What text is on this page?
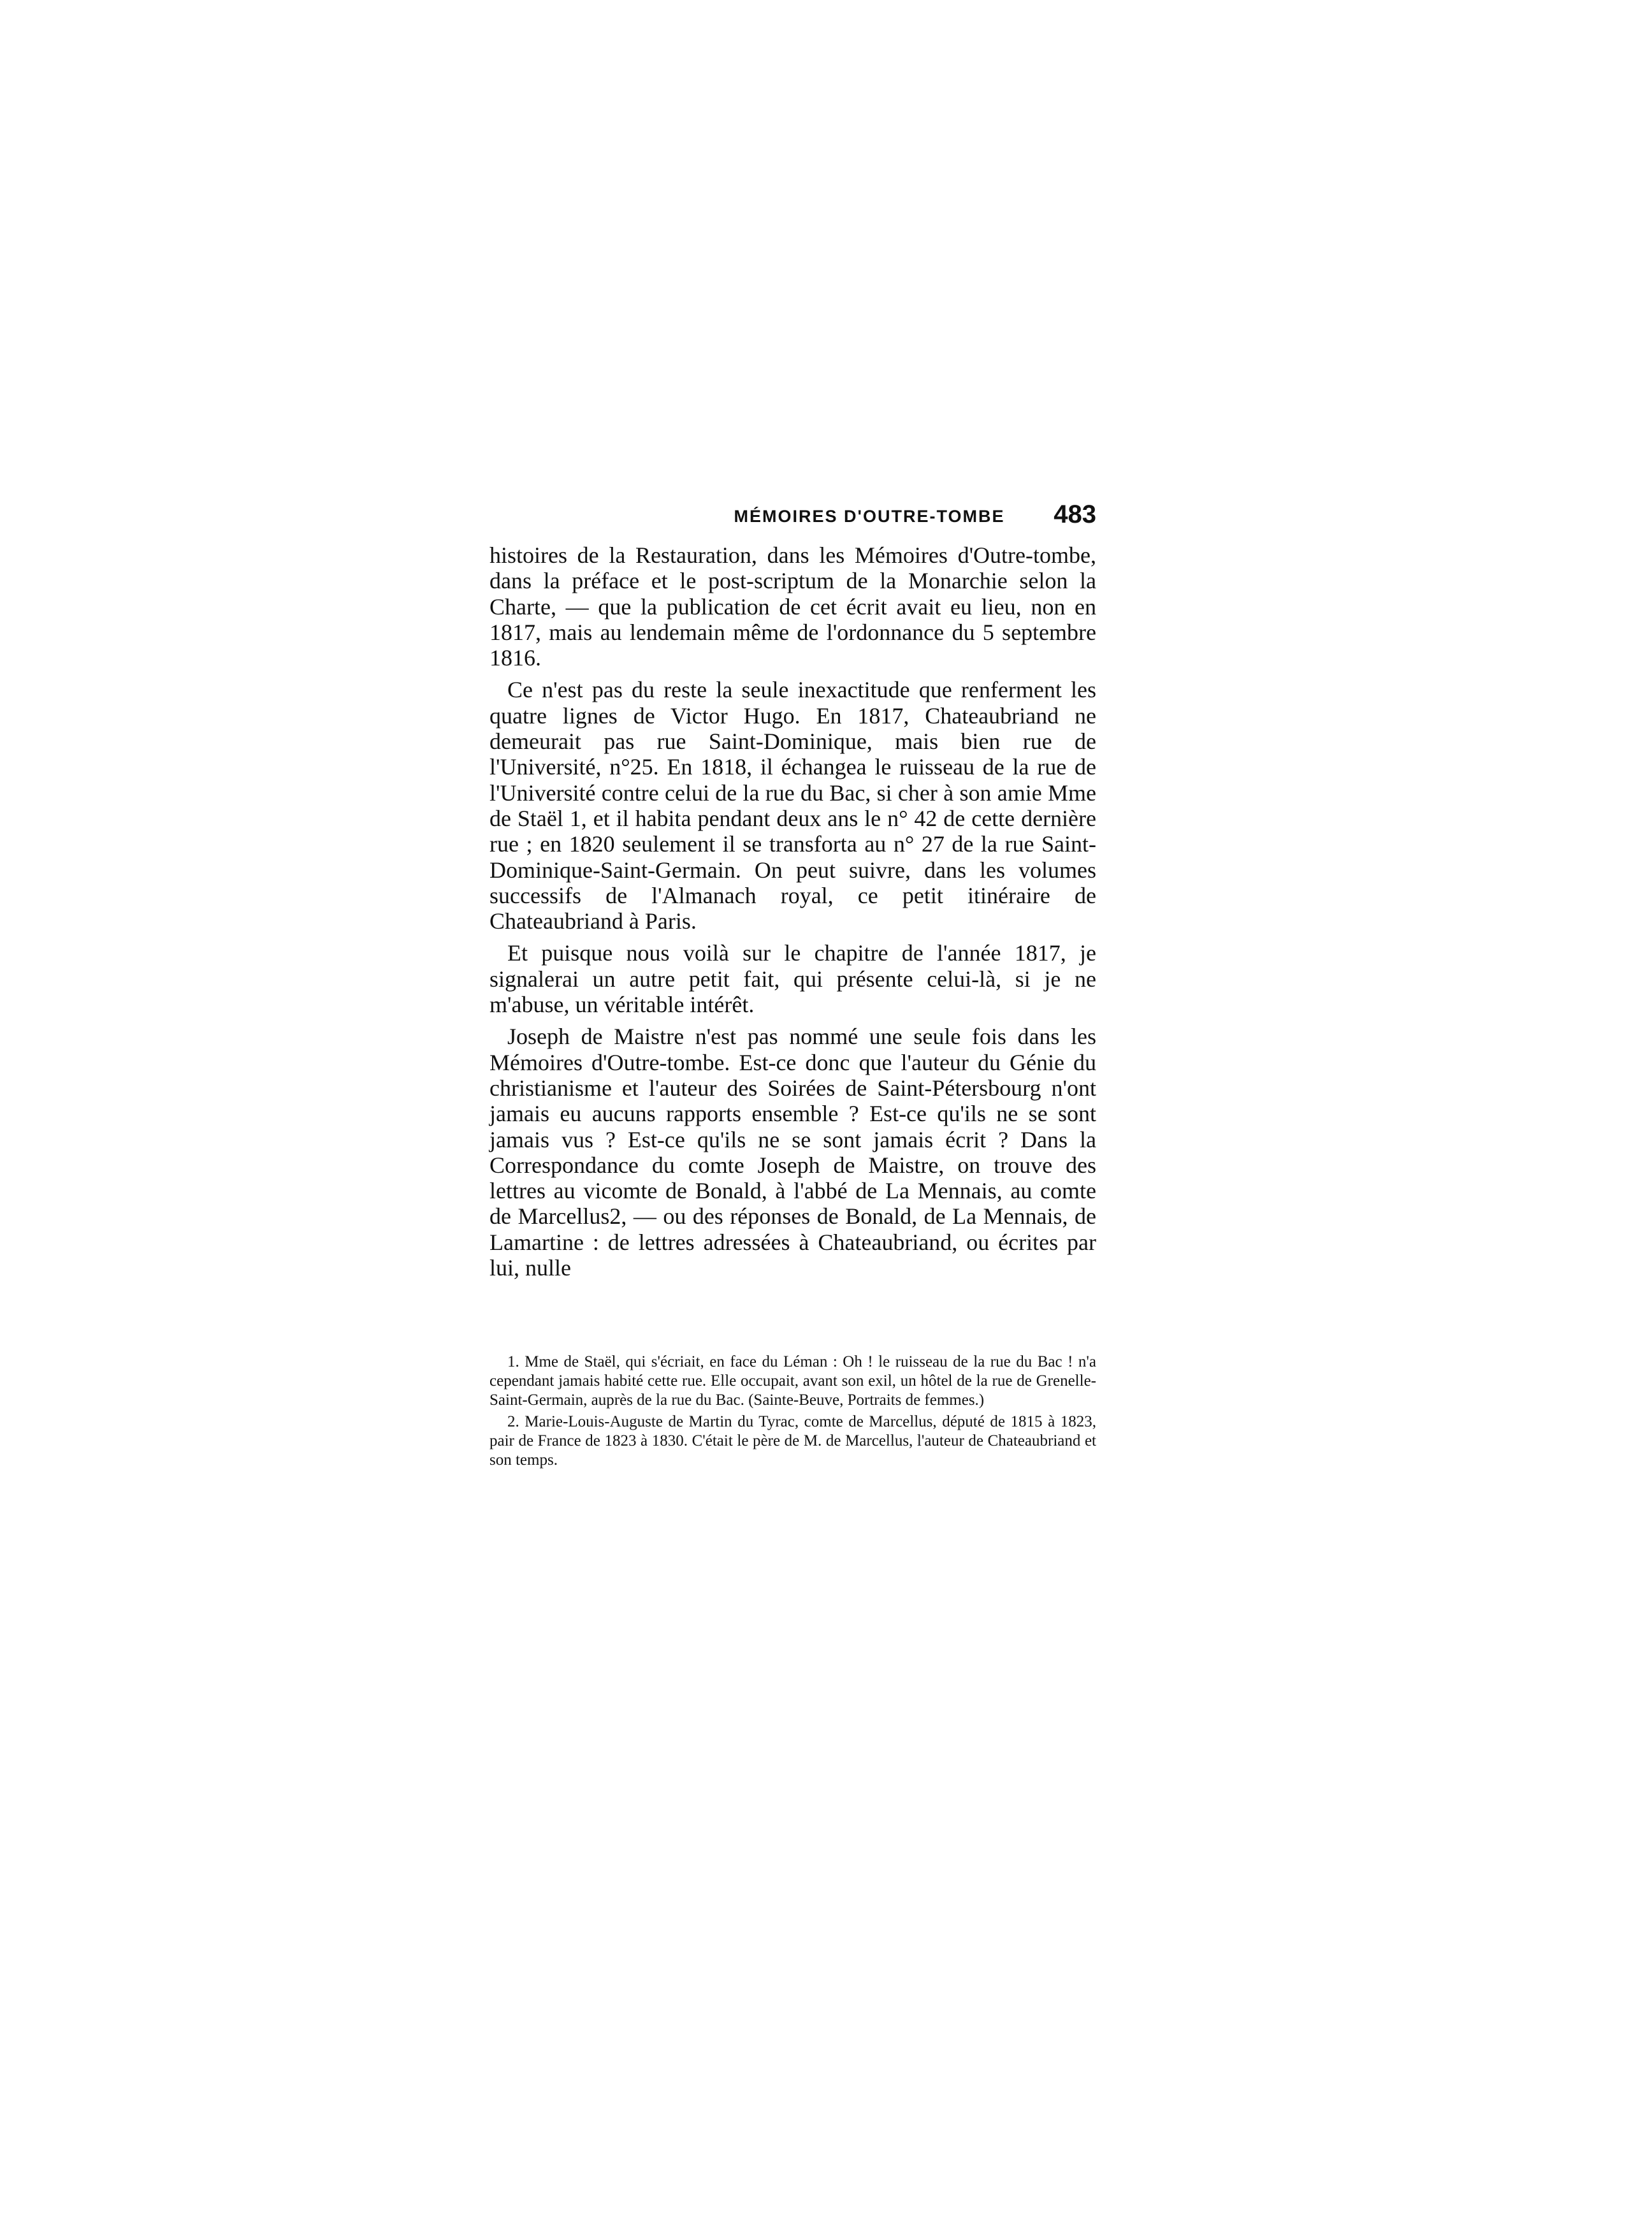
MÉMOIRES D'OUTRE-TOMBE	483

histoires de la Restauration, dans les Mémoires d'Outre-tombe, dans la préface et le post-scriptum de la Monarchie selon la Charte, — que la publication de cet écrit avait eu lieu, non en 1817, mais au lendemain même de l'ordonnance du 5 septembre 1816.

Ce n'est pas du reste la seule inexactitude que renferment les quatre lignes de Victor Hugo. En 1817, Chateaubriand ne demeurait pas rue Saint-Dominique, mais bien rue de l'Université, n°25. En 1818, il échangea le ruisseau de la rue de l'Université contre celui de la rue du Bac, si cher à son amie Mme de Staël 1, et il habita pendant deux ans le n° 42 de cette dernière rue ; en 1820 seulement il se transforta au n° 27 de la rue Saint-Dominique-Saint-Germain. On peut suivre, dans les volumes successifs de l'Almanach royal, ce petit itinéraire de Chateaubriand à Paris.

Et puisque nous voilà sur le chapitre de l'année 1817, je signalerai un autre petit fait, qui présente celui-là, si je ne m'abuse, un véritable intérêt.

Joseph de Maistre n'est pas nommé une seule fois dans les Mémoires d'Outre-tombe. Est-ce donc que l'auteur du Génie du christianisme et l'auteur des Soirées de Saint-Pétersbourg n'ont jamais eu aucuns rapports ensemble ? Est-ce qu'ils ne se sont jamais vus ? Est-ce qu'ils ne se sont jamais écrit ? Dans la Correspondance du comte Joseph de Maistre, on trouve des lettres au vicomte de Bonald, à l'abbé de La Mennais, au comte de Marcellus2, — ou des réponses de Bonald, de La Mennais, de Lamartine : de lettres adressées à Chateaubriand, ou écrites par lui, nulle

1. Mme de Staël, qui s'écriait, en face du Léman : Oh ! le ruisseau de la rue du Bac ! n'a cependant jamais habité cette rue. Elle occupait, avant son exil, un hôtel de la rue de Grenelle-Saint-Germain, auprès de la rue du Bac. (Sainte-Beuve, Portraits de femmes.)

2. Marie-Louis-Auguste de Martin du Tyrac, comte de Marcellus, député de 1815 à 1823, pair de France de 1823 à 1830. C'était le père de M. de Marcellus, l'auteur de Chateaubriand et son temps.
